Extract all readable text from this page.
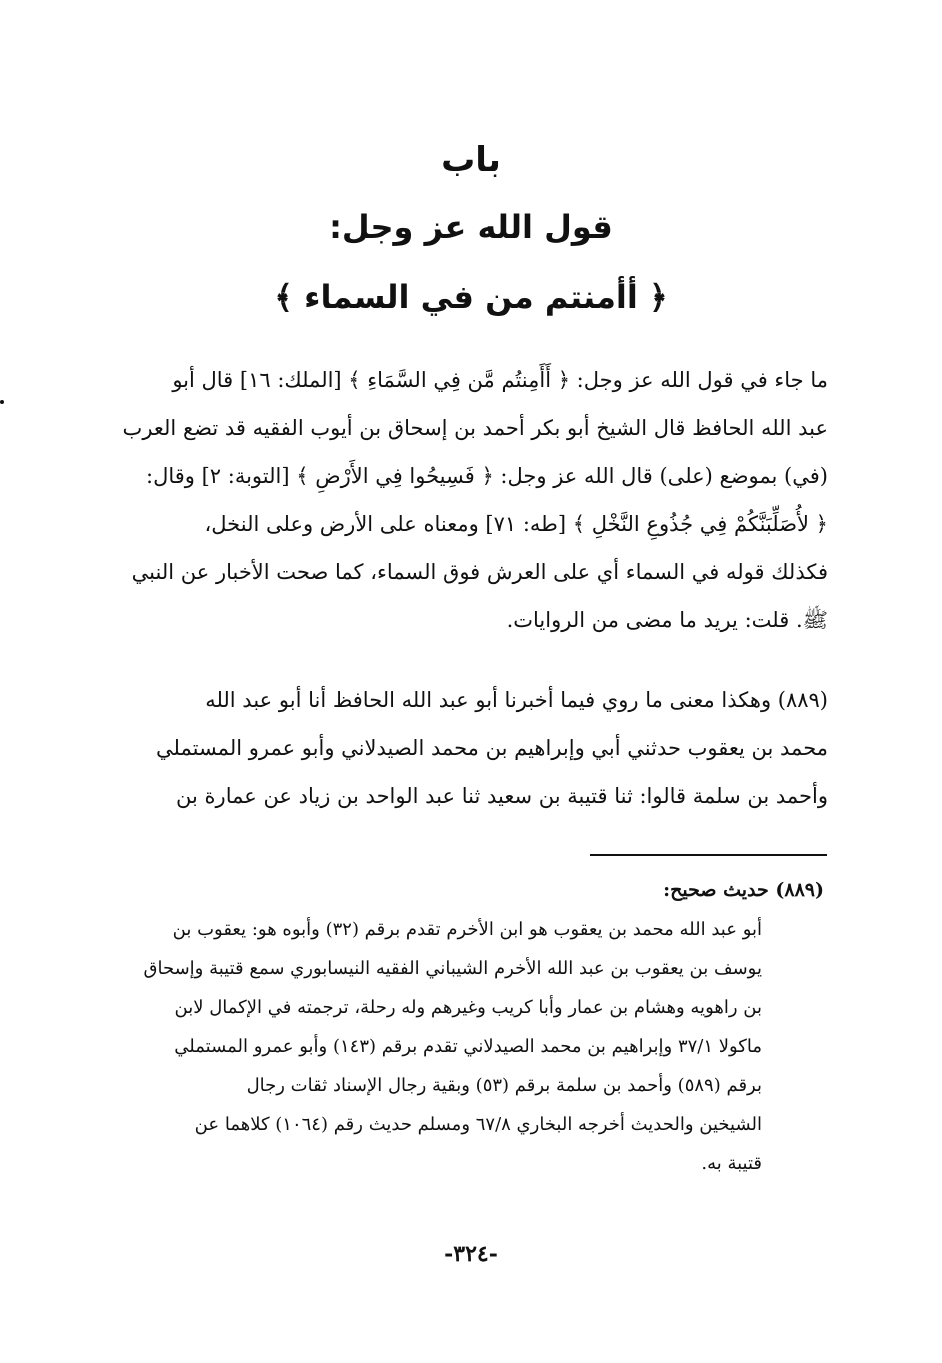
باب
قول الله عز وجل:
﴿ أأمنتم من في السماء ﴾
ما جاء في قول الله عز وجل: ﴿ أَأَمِنتُم مَّن فِي السَّمَاءِ ﴾ [الملك: ١٦] قال أبو
عبد الله الحافظ قال الشيخ أبو بكر أحمد بن إسحاق بن أيوب الفقيه قد تضع العرب
(في) بموضع (على) قال الله عز وجل: ﴿ فَسِيحُوا فِي الأَرْضِ ﴾ [التوبة: ٢] وقال:
﴿ لأُصَلِّبَنَّكُمْ فِي جُذُوعِ النَّخْلِ ﴾ [طه: ٧١] ومعناه على الأرض وعلى النخل،
فكذلك قوله في السماء أي على العرش فوق السماء، كما صحت الأخبار عن النبي
ﷺ. قلت: يريد ما مضى من الروايات.
(٨٨٩) وهكذا معنى ما روي فيما أخبرنا أبو عبد الله الحافظ أنا أبو عبد الله
محمد بن يعقوب حدثني أبي وإبراهيم بن محمد الصيدلاني وأبو عمرو المستملي
وأحمد بن سلمة قالوا: ثنا قتيبة بن سعيد ثنا عبد الواحد بن زياد عن عمارة بن
(٨٨٩) حديث صحيح:
أبو عبد الله محمد بن يعقوب هو ابن الأخرم تقدم برقم (٣٢) وأبوه هو: يعقوب بن
يوسف بن يعقوب بن عبد الله الأخرم الشيباني الفقيه النيسابوري سمع قتيبة وإسحاق
بن راهويه وهشام بن عمار وأبا كريب وغيرهم وله رحلة، ترجمته في الإكمال لابن
ماكولا ٣٧/١ وإبراهيم بن محمد الصيدلاني تقدم برقم (١٤٣) وأبو عمرو المستملي
برقم (٥٨٩) وأحمد بن سلمة برقم (٥٣) وبقية رجال الإسناد ثقات رجال
الشيخين والحديث أخرجه البخاري ٦٧/٨ ومسلم حديث رقم (١٠٦٤) كلاهما عن
قتيبة به.
-٣٢٤-
